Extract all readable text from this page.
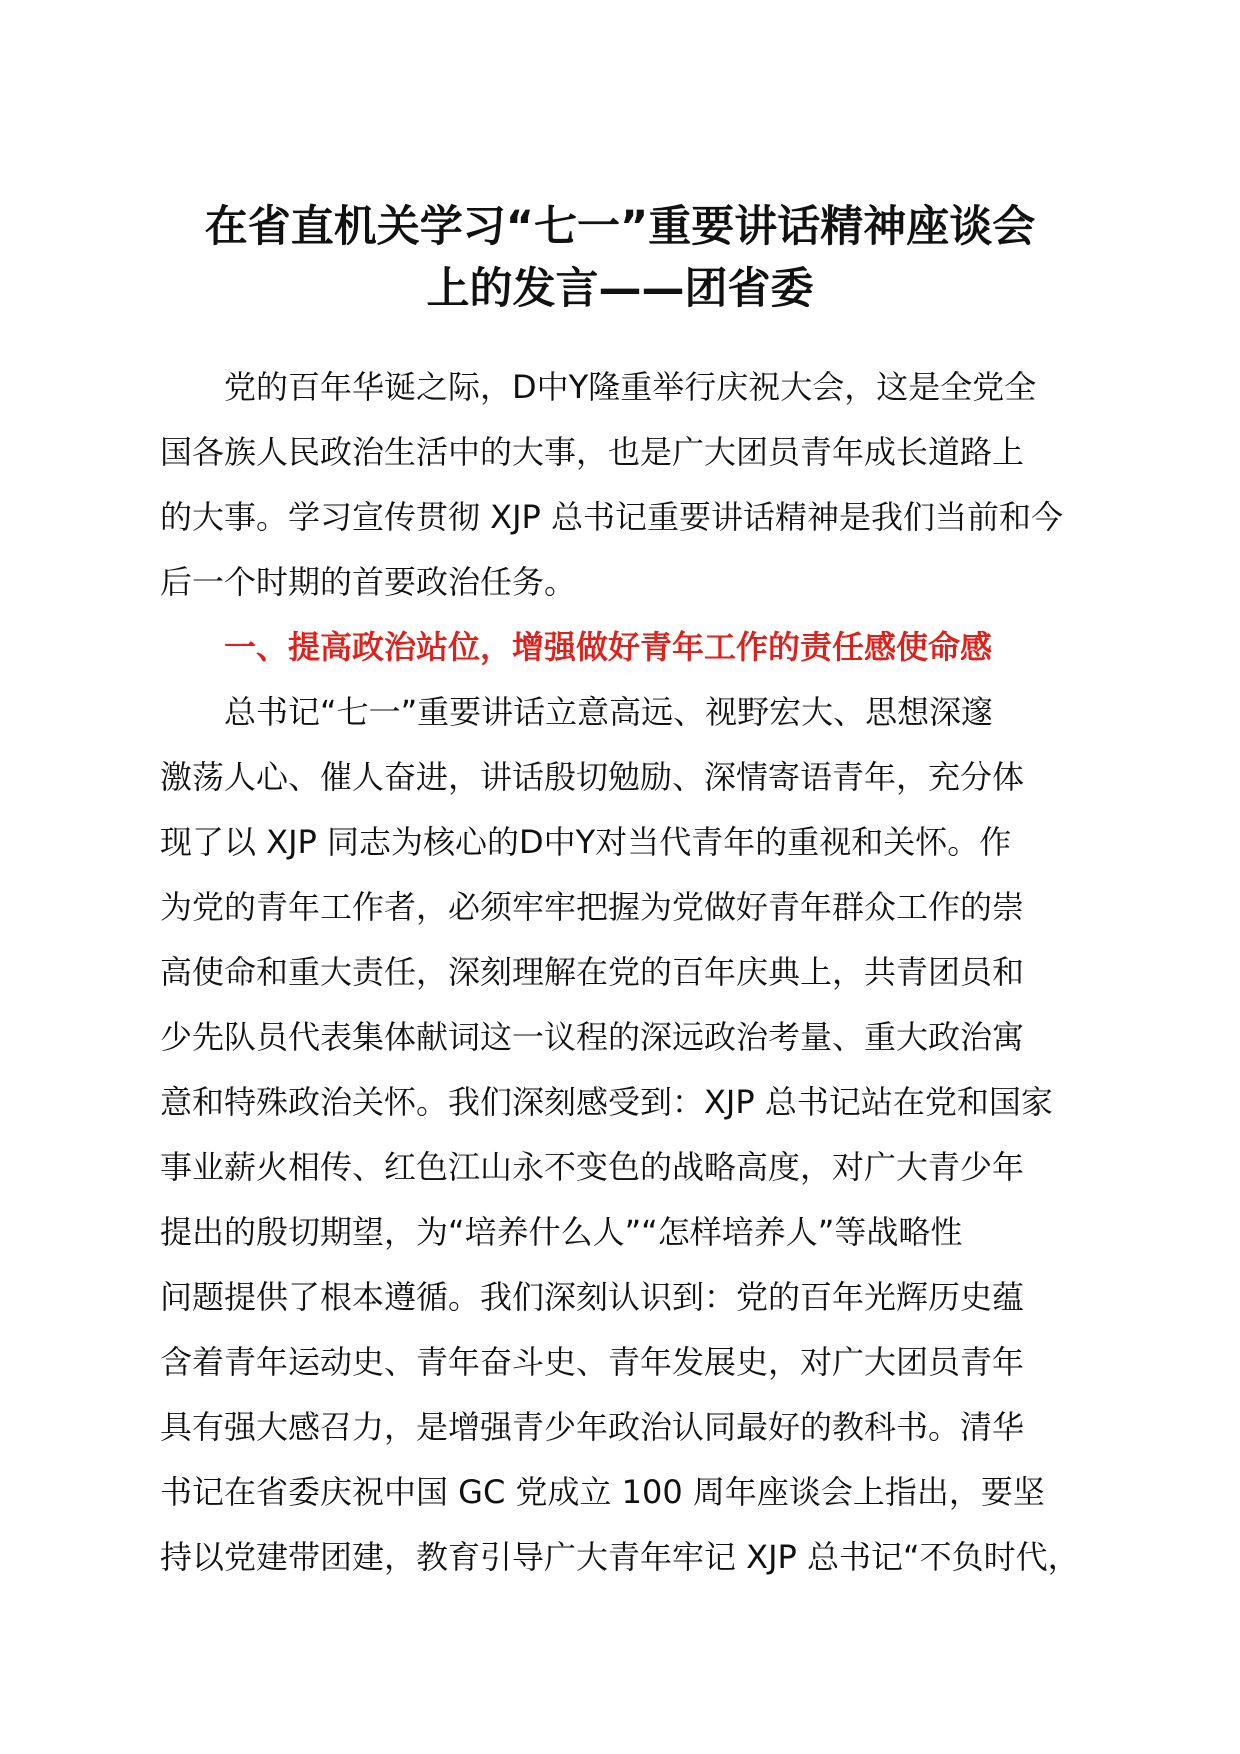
在省直机关学习“七一”重要讲话精神座谈会
上的发言——团省委
党的百年华诞之际，D中Y隆重举行庆祝大会，这是全党全
国各族人民政治生活中的大事，也是广大团员青年成长道路上
的大事。学习宣传贯彻 XJP 总书记重要讲话精神是我们当前和今
后一个时期的首要政治任务。
一、提高政治站位，增强做好青年工作的责任感使命感
总书记“七一”重要讲话立意高远、视野宏大、思想深邃
激荡人心、催人奋进，讲话殷切勉励、深情寄语青年，充分体
现了以 XJP 同志为核心的D中Y对当代青年的重视和关怀。作
为党的青年工作者，必须牢牢把握为党做好青年群众工作的崇
高使命和重大责任，深刻理解在党的百年庆典上，共青团员和
少先队员代表集体献词这一议程的深远政治考量、重大政治寓
意和特殊政治关怀。我们深刻感受到：XJP 总书记站在党和国家
事业薪火相传、红色江山永不变色的战略高度，对广大青少年
提出的殷切期望，为“培养什么人”“怎样培养人”等战略性
问题提供了根本遵循。我们深刻认识到：党的百年光辉历史蕴
含着青年运动史、青年奋斗史、青年发展史，对广大团员青年
具有强大感召力，是增强青少年政治认同最好的教科书。清华
书记在省委庆祝中国 GC 党成立 100 周年座谈会上指出，要坚
持以党建带团建，教育引导广大青年牢记 XJP 总书记“不负时代，
